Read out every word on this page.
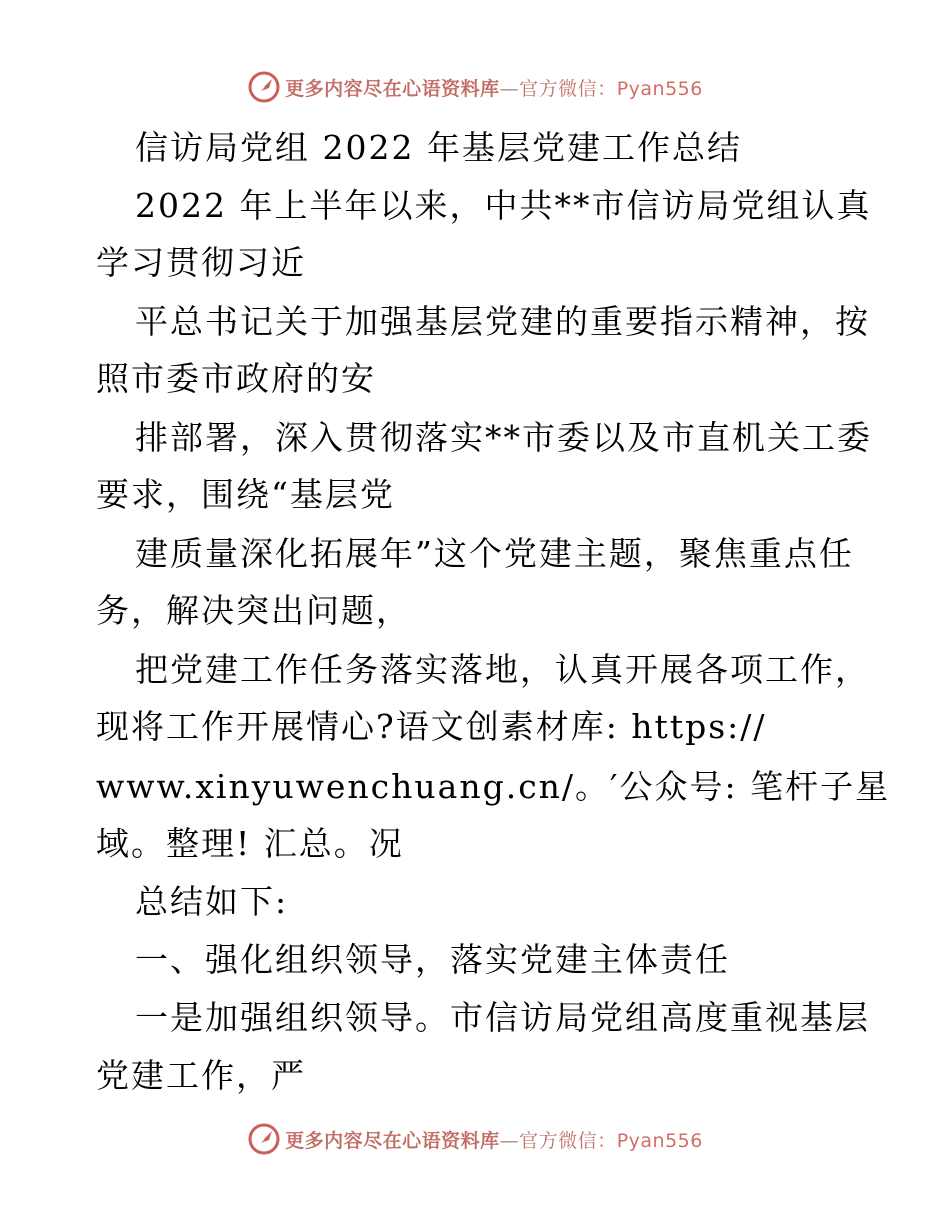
更多内容尽在心语资料库—官方微信：Pyan556
信访局党组 2022 年基层党建工作总结
2022 年上半年以来，中共**市信访局党组认真
学习贯彻习近
平总书记关于加强基层党建的重要指示精神，按
照市委市政府的安
排部署，深入贯彻落实**市委以及市直机关工委
要求，围绕“基层党
建质量深化拓展年”这个党建主题，聚焦重点任
务，解决突出问题，
把党建工作任务落实落地，认真开展各项工作，
现将工作开展情心?语文创素材库: https://
www.xinyuwenchuang.cn/。′公众号: 笔杆子星
域。整理! 汇总。况
总结如下:
一、强化组织领导，落实党建主体责任
一是加强组织领导。市信访局党组高度重视基层
党建工作，严
更多内容尽在心语资料库—官方微信：Pyan556
